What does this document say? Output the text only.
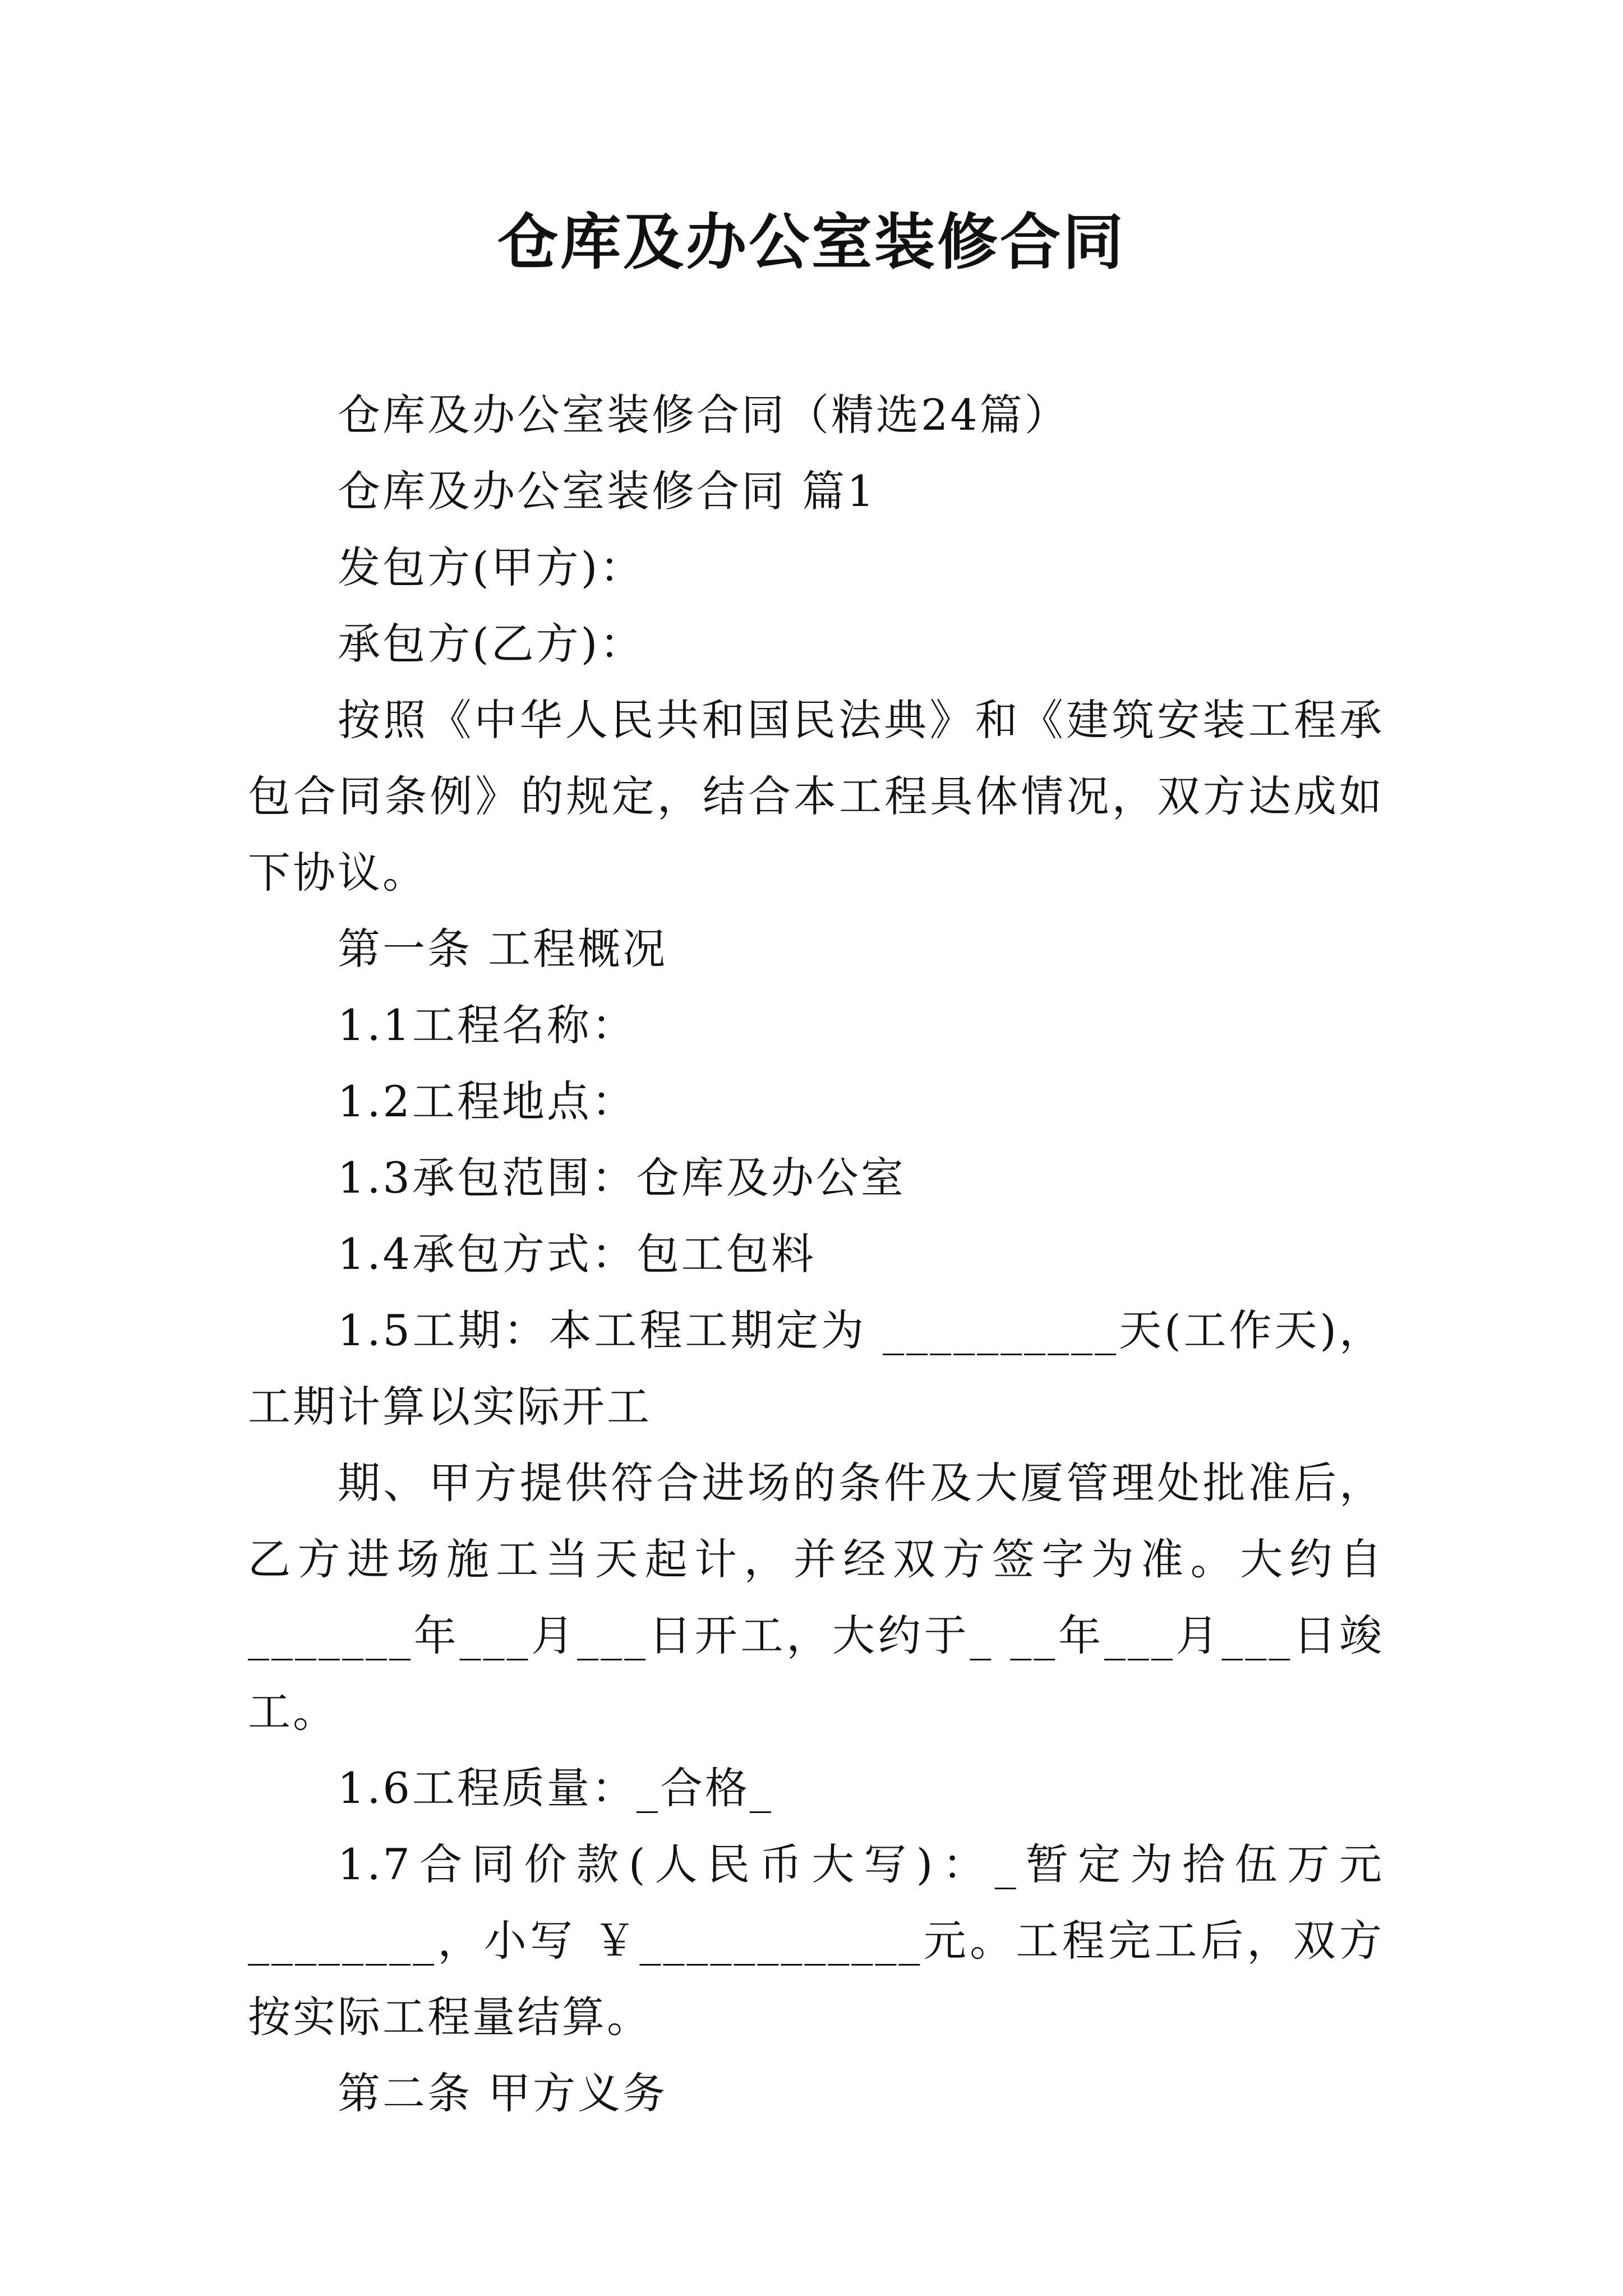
仓库及办公室装修合同

仓库及办公室装修合同（精选24篇）

仓库及办公室装修合同 篇1

发包方(甲方)：

承包方(乙方)：

按照《中华人民共和国民法典》和《建筑安装工程承包合同条例》的规定，结合本工程具体情况，双方达成如下协议。

第一条 工程概况

1.1工程名称：

1.2工程地点：

1.3承包范围：仓库及办公室

1.4承包方式：包工包料

1.5工期：本工程工期定为 __________天(工作天)，工期计算以实际开工

期、甲方提供符合进场的条件及大厦管理处批准后，乙方进场施工当天起计，并经双方签字为准。大约自_______年___月___日开工，大约于_ __年___月___日竣工。

1.6工程质量：_合格_

1.7合同价款(人民币大写)：_暂定为拾伍万元________，小写 ￥____________元。工程完工后，双方按实际工程量结算。

第二条 甲方义务
